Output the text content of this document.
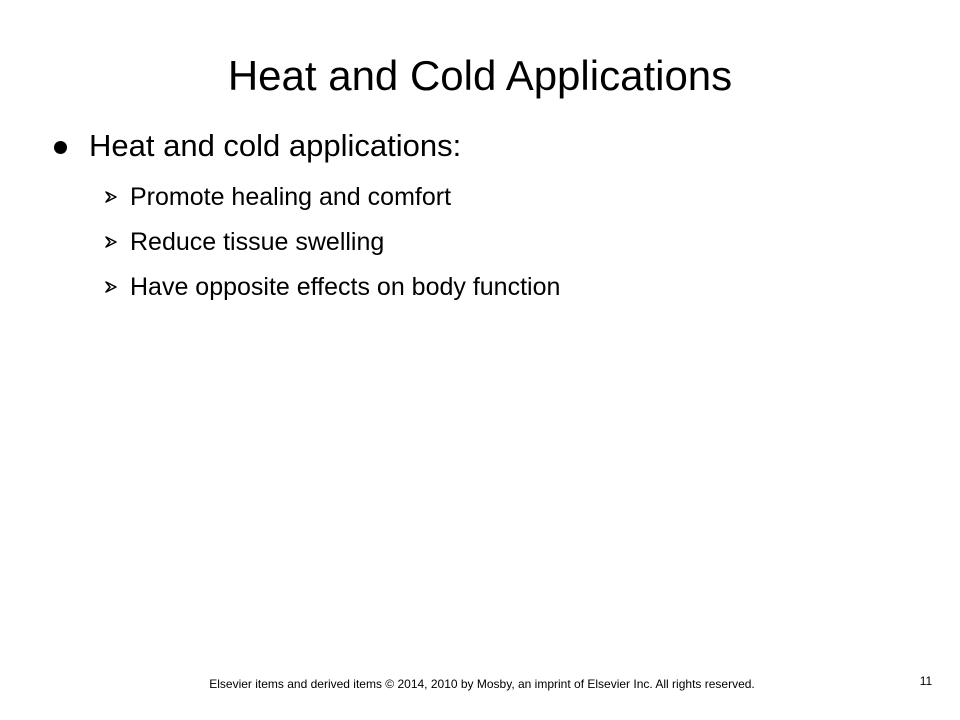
Heat and Cold Applications
Heat and cold applications:
Promote healing and comfort
Reduce tissue swelling
Have opposite effects on body function
Elsevier items and derived items © 2014, 2010 by Mosby, an imprint of Elsevier Inc. All rights reserved.	11
